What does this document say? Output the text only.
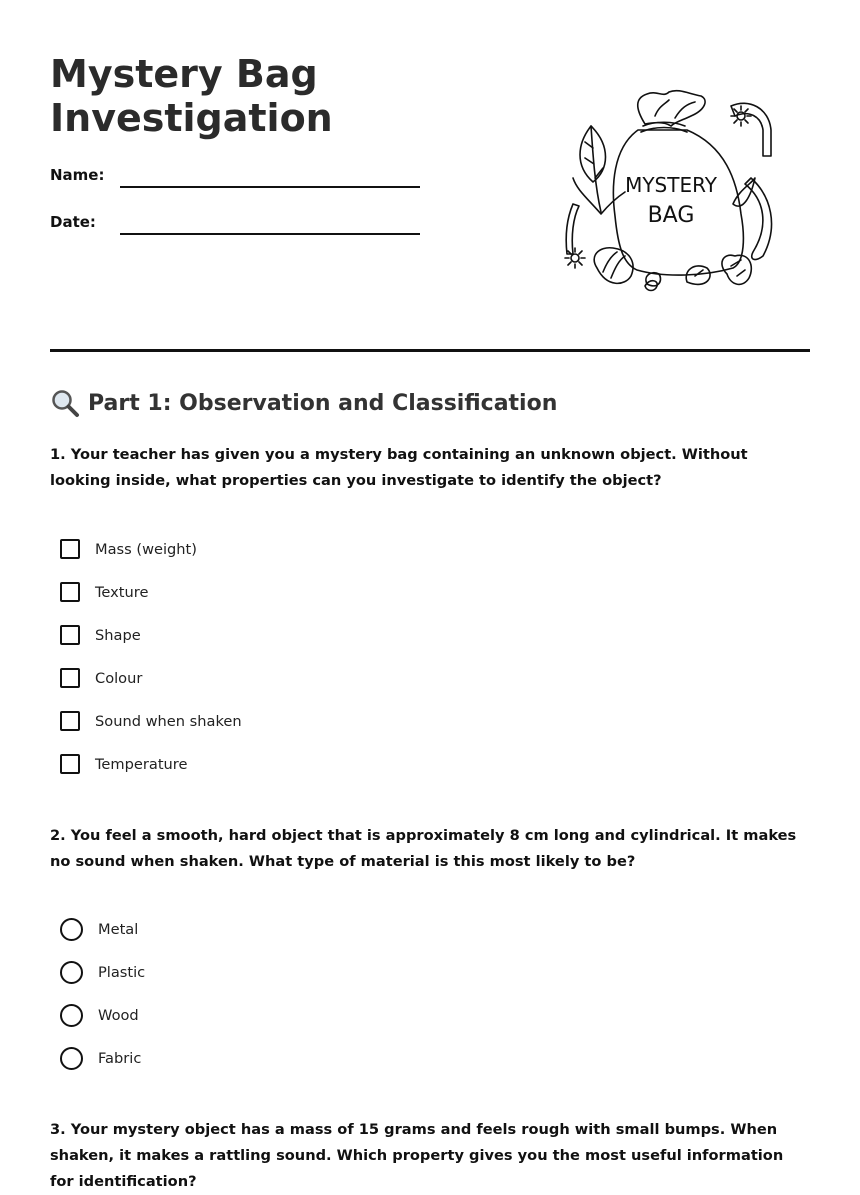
Mystery Bag
Investigation
Name:
Date:
MYSTERY
BAG
Part 1: Observation and Classification

1. Your teacher has given you a mystery bag containing an unknown object. Without looking inside, what properties can you investigate to identify the object?

Mass (weight)
Texture
Shape
Colour
Sound when shaken
Temperature

2. You feel a smooth, hard object that is approximately 8 cm long and cylindrical. It makes no sound when shaken. What type of material is this most likely to be?

Metal
Plastic
Wood
Fabric

3. Your mystery object has a mass of 15 grams and feels rough with small bumps. When shaken, it makes a rattling sound. Which property gives you the most useful information for identification?
